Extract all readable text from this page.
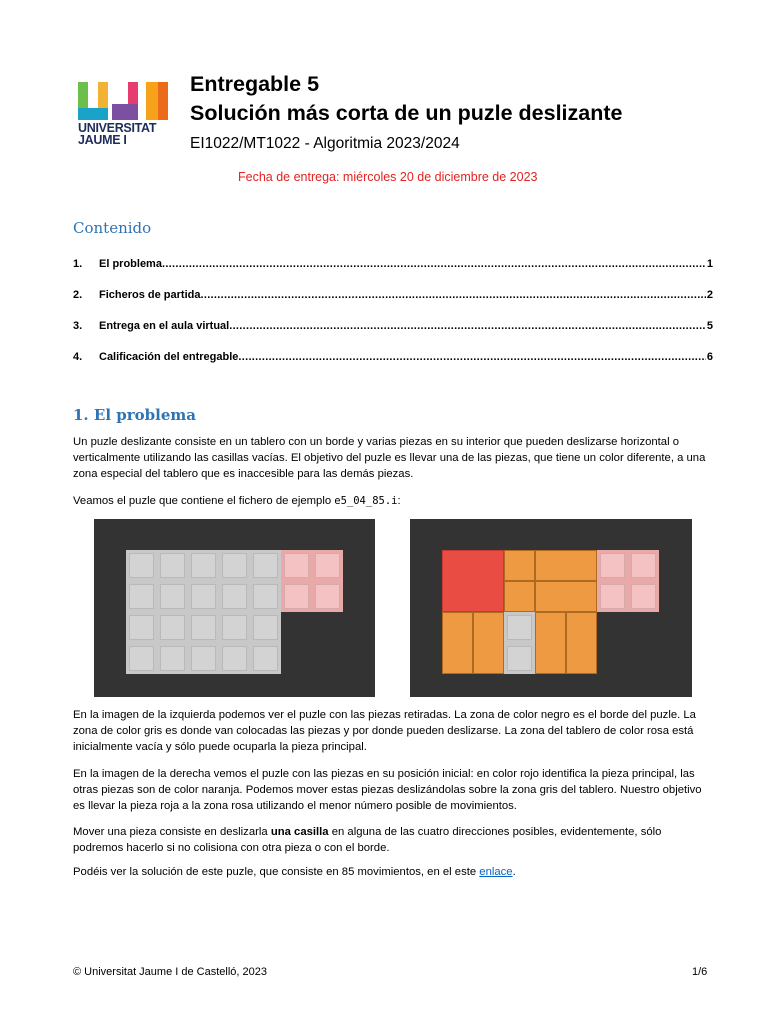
UNIVERSITAT
JAUME I
Entregable 5
Solución más corta de un puzle deslizante
EI1022/MT1022 - Algoritmia 2023/2024
Fecha de entrega: miércoles 20 de diciembre de 2023
Contenido
1.	El problema .....	1
2.	Ficheros de partida .....	2
3.	Entrega en el aula virtual .....	5
4.	Calificación del entregable .....	6
1. El problema
Un puzle deslizante consiste en un tablero con un borde y varias piezas en su interior que pueden deslizarse horizontal o verticalmente utilizando las casillas vacías. El objetivo del puzle es llevar una de las piezas, que tiene un color diferente, a una zona especial del tablero que es inaccesible para las demás piezas.
Veamos el puzle que contiene el fichero de ejemplo e5_04_85.i:
En la imagen de la izquierda podemos ver el puzle con las piezas retiradas. La zona de color negro es el borde del puzle. La zona de color gris es donde van colocadas las piezas y por donde pueden deslizarse. La zona del tablero de color rosa está inicialmente vacía y sólo puede ocuparla la pieza principal.
En la imagen de la derecha vemos el puzle con las piezas en su posición inicial: en color rojo identifica la pieza principal, las otras piezas son de color naranja. Podemos mover estas piezas deslizándolas sobre la zona gris del tablero. Nuestro objetivo es llevar la pieza roja a la zona rosa utilizando el menor número posible de movimientos.
Mover una pieza consiste en deslizarla una casilla en alguna de las cuatro direcciones posibles, evidentemente, sólo podremos hacerlo si no colisiona con otra pieza o con el borde.
Podéis ver la solución de este puzle, que consiste en 85 movimientos, en el este enlace.
© Universitat Jaume I de Castelló, 2023	1/6
